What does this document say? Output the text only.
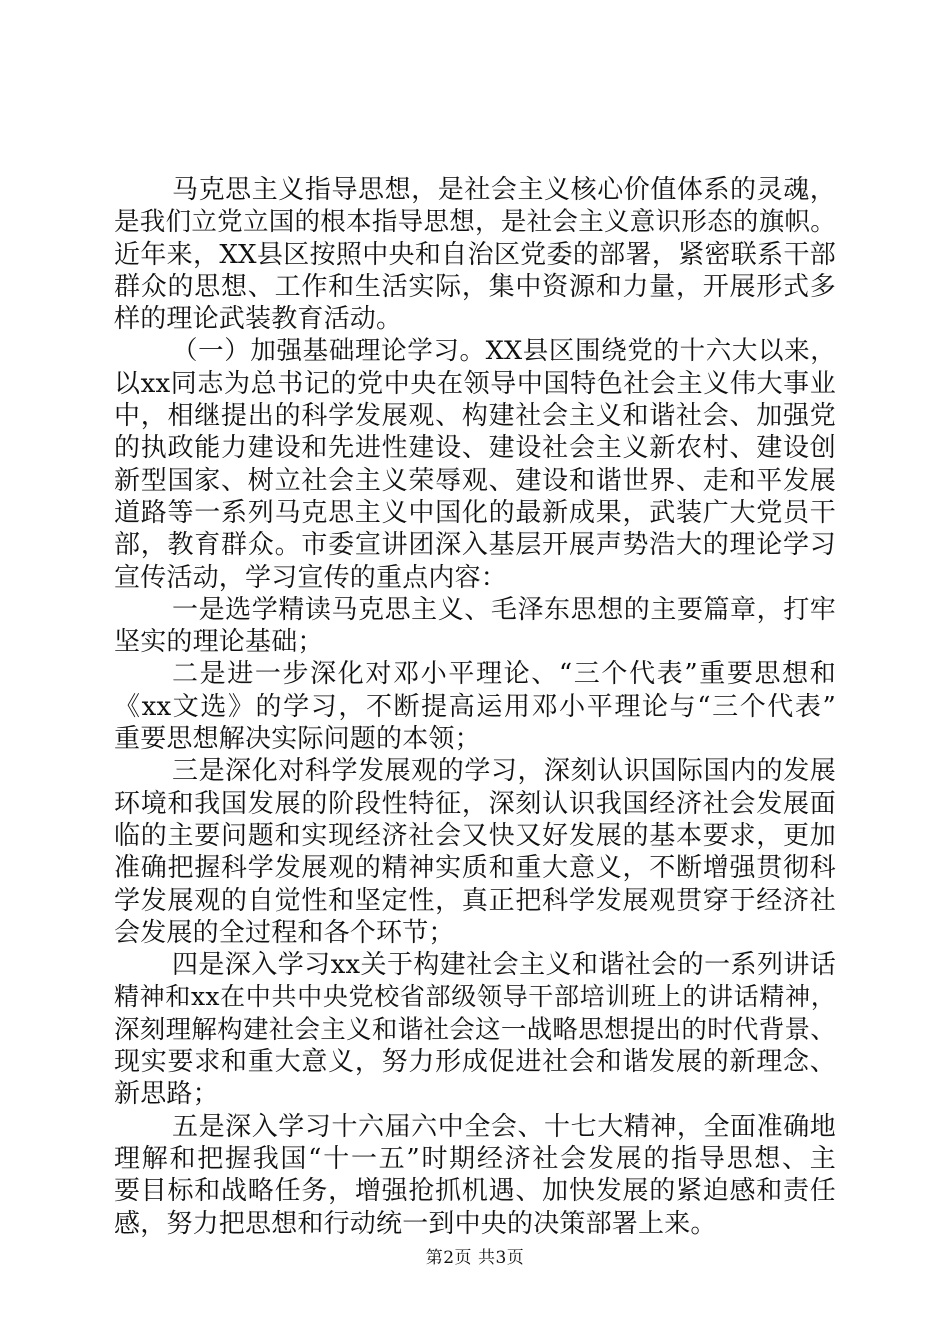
马克思主义指导思想，是社会主义核心价值体系的灵魂，
是我们立党立国的根本指导思想，是社会主义意识形态的旗帜。
近年来，XX县区按照中央和自治区党委的部署，紧密联系干部
群众的思想、工作和生活实际，集中资源和力量，开展形式多
样的理论武装教育活动。
（一）加强基础理论学习。XX县区围绕党的十六大以来，
以xx同志为总书记的党中央在领导中国特色社会主义伟大事业
中，相继提出的科学发展观、构建社会主义和谐社会、加强党
的执政能力建设和先进性建设、建设社会主义新农村、建设创
新型国家、树立社会主义荣辱观、建设和谐世界、走和平发展
道路等一系列马克思主义中国化的最新成果，武装广大党员干
部，教育群众。市委宣讲团深入基层开展声势浩大的理论学习
宣传活动，学习宣传的重点内容：
一是选学精读马克思主义、毛泽东思想的主要篇章，打牢
坚实的理论基础；
二是进一步深化对邓小平理论、“三个代表”重要思想和
《xx文选》的学习，不断提高运用邓小平理论与“三个代表”
重要思想解决实际问题的本领；
三是深化对科学发展观的学习，深刻认识国际国内的发展
环境和我国发展的阶段性特征，深刻认识我国经济社会发展面
临的主要问题和实现经济社会又快又好发展的基本要求，更加
准确把握科学发展观的精神实质和重大意义，不断增强贯彻科
学发展观的自觉性和坚定性，真正把科学发展观贯穿于经济社
会发展的全过程和各个环节；
四是深入学习xx关于构建社会主义和谐社会的一系列讲话
精神和xx在中共中央党校省部级领导干部培训班上的讲话精神，
深刻理解构建社会主义和谐社会这一战略思想提出的时代背景、
现实要求和重大意义，努力形成促进社会和谐发展的新理念、
新思路；
五是深入学习十六届六中全会、十七大精神，全面准确地
理解和把握我国“十一五”时期经济社会发展的指导思想、主
要目标和战略任务，增强抢抓机遇、加快发展的紧迫感和责任
感，努力把思想和行动统一到中央的决策部署上来。
第2页 共3页
